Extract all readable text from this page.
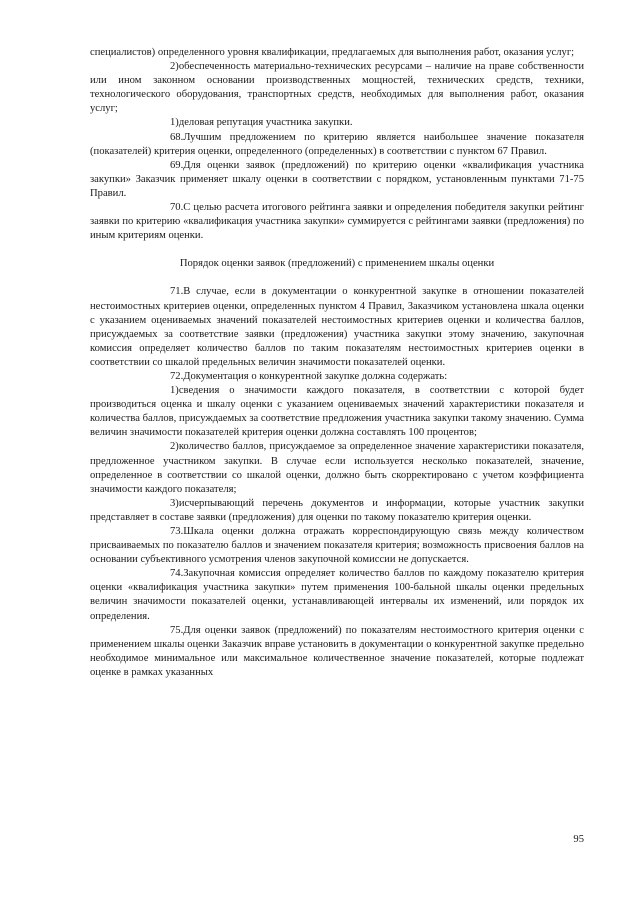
специалистов) определенного уровня квалификации, предлагаемых для выполнения работ, оказания услуг;

2)обеспеченность материально-технических ресурсами – наличие на праве собственности или ином законном основании производственных мощностей, технических средств, техники, технологического оборудования, транспортных средств, необходимых для выполнения работ, оказания услуг;

1)деловая репутация участника закупки.

68.Лучшим предложением по критерию является наибольшее значение показателя (показателей) критерия оценки, определенного (определенных) в соответствии с пунктом 67 Правил.

69.Для оценки заявок (предложений) по критерию оценки «квалификация участника закупки» Заказчик применяет шкалу оценки в соответствии с порядком, установленным пунктами 71-75 Правил.

70.С целью расчета итогового рейтинга заявки и определения победителя закупки рейтинг заявки по критерию «квалификация участника закупки» суммируется с рейтингами заявки (предложения) по иным критериям оценки.

Порядок оценки заявок (предложений) с применением шкалы оценки

71.В случае, если в документации о конкурентной закупке в отношении показателей нестоимостных критериев оценки, определенных пунктом 4 Правил, Заказчиком установлена шкала оценки с указанием оцениваемых значений показателей нестоимостных критериев оценки и количества баллов, присуждаемых за соответствие заявки (предложения) участника закупки этому значению, закупочная комиссия определяет количество баллов по таким показателям нестоимостных критериев оценки в соответствии со шкалой предельных величин значимости показателей оценки.

72.Документация о конкурентной закупке должна содержать:

1)сведения о значимости каждого показателя, в соответствии с которой будет производиться оценка и шкалу оценки с указанием оцениваемых значений характеристики показателя и количества баллов, присуждаемых за соответствие предложения участника закупки такому значению. Сумма величин значимости показателей критерия оценки должна составлять 100 процентов;

2)количество баллов, присуждаемое за определенное значение характеристики показателя, предложенное участником закупки. В случае если используется несколько показателей, значение, определенное в соответствии со шкалой оценки, должно быть скорректировано с учетом коэффициента значимости каждого показателя;

3)исчерпывающий перечень документов и информации, которые участник закупки представляет в составе заявки (предложения) для оценки по такому показателю критерия оценки.

73.Шкала оценки должна отражать корреспондирующую связь между количеством присваиваемых по показателю баллов и значением показателя критерия; возможность присвоения баллов на основании субъективного усмотрения членов закупочной комиссии не допускается.

74.Закупочная комиссия определяет количество баллов по каждому показателю критерия оценки «квалификация участника закупки» путем применения 100-бальной шкалы оценки предельных величин значимости показателей оценки, устанавливающей интервалы их изменений, или порядок их определения.

75.Для оценки заявок (предложений) по показателям нестоимостного критерия оценки с применением шкалы оценки Заказчик вправе установить в документации о конкурентной закупке предельно необходимое минимальное или максимальное количественное значение показателей, которые подлежат оценке в рамках указанных

95
